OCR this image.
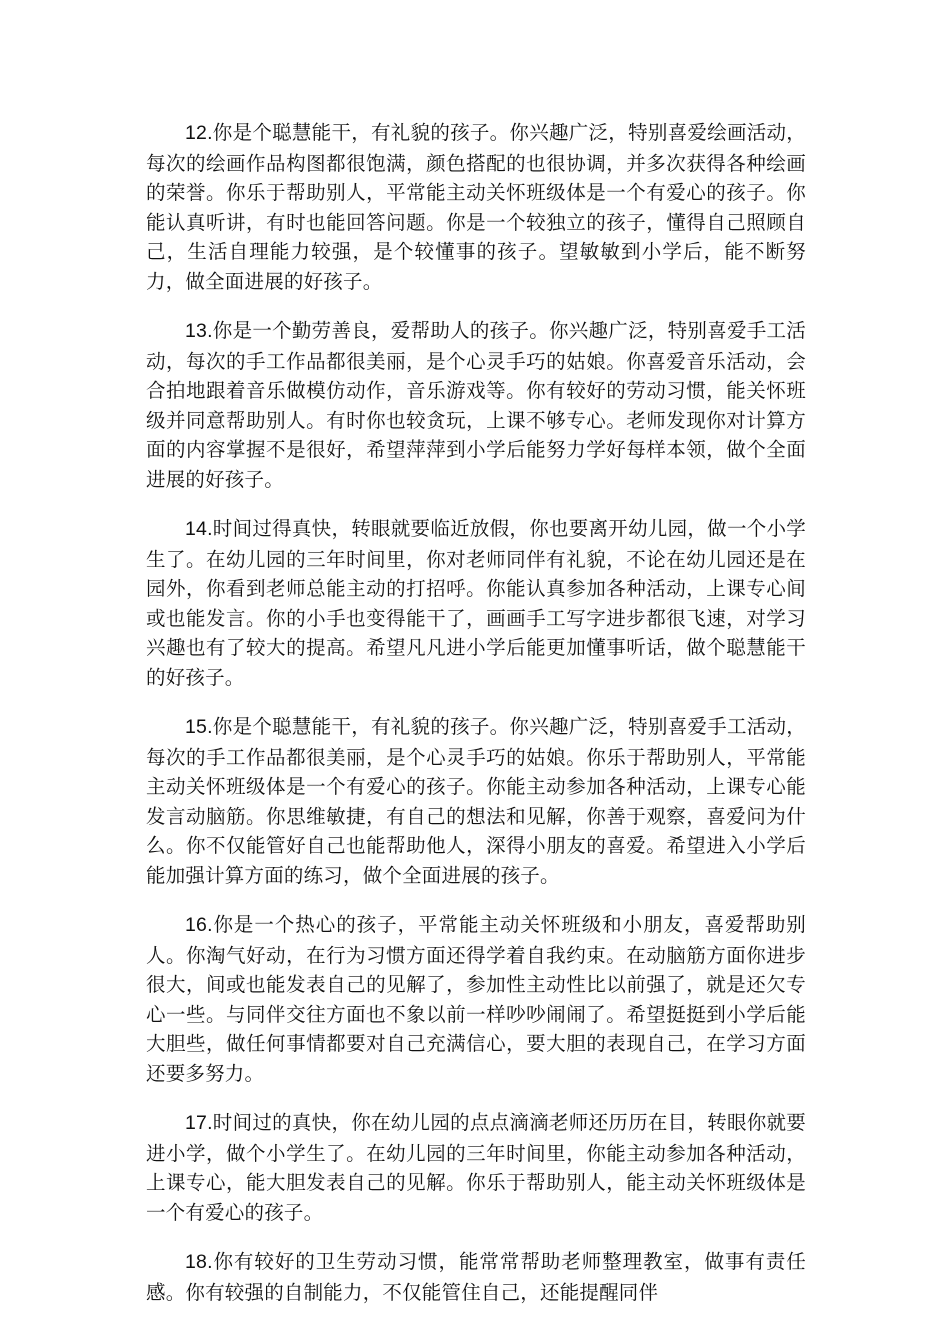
12.你是个聪慧能干，有礼貌的孩子。你兴趣广泛，特别喜爱绘画活动，每次的绘画作品构图都很饱满，颜色搭配的也很协调，并多次获得各种绘画的荣誉。你乐于帮助别人，平常能主动关怀班级体是一个有爱心的孩子。你能认真听讲，有时也能回答问题。你是一个较独立的孩子，懂得自己照顾自己，生活自理能力较强，是个较懂事的孩子。望敏敏到小学后，能不断努力，做全面进展的好孩子。

13.你是一个勤劳善良，爱帮助人的孩子。你兴趣广泛，特别喜爱手工活动，每次的手工作品都很美丽，是个心灵手巧的姑娘。你喜爱音乐活动，会合拍地跟着音乐做模仿动作，音乐游戏等。你有较好的劳动习惯，能关怀班级并同意帮助别人。有时你也较贪玩，上课不够专心。老师发现你对计算方面的内容掌握不是很好，希望萍萍到小学后能努力学好每样本领，做个全面进展的好孩子。

14.时间过得真快，转眼就要临近放假，你也要离开幼儿园，做一个小学生了。在幼儿园的三年时间里，你对老师同伴有礼貌，不论在幼儿园还是在园外，你看到老师总能主动的打招呼。你能认真参加各种活动，上课专心间或也能发言。你的小手也变得能干了，画画手工写字进步都很飞速，对学习兴趣也有了较大的提高。希望凡凡进小学后能更加懂事听话，做个聪慧能干的好孩子。

15.你是个聪慧能干，有礼貌的孩子。你兴趣广泛，特别喜爱手工活动，每次的手工作品都很美丽，是个心灵手巧的姑娘。你乐于帮助别人，平常能主动关怀班级体是一个有爱心的孩子。你能主动参加各种活动，上课专心能发言动脑筋。你思维敏捷，有自己的想法和见解，你善于观察，喜爱问为什么。你不仅能管好自己也能帮助他人，深得小朋友的喜爱。希望进入小学后能加强计算方面的练习，做个全面进展的孩子。

16.你是一个热心的孩子，平常能主动关怀班级和小朋友，喜爱帮助别人。你淘气好动，在行为习惯方面还得学着自我约束。在动脑筋方面你进步很大，间或也能发表自己的见解了，参加性主动性比以前强了，就是还欠专心一些。与同伴交往方面也不象以前一样吵吵闹闹了。希望挺挺到小学后能大胆些，做任何事情都要对自己充满信心，要大胆的表现自己，在学习方面还要多努力。

17.时间过的真快，你在幼儿园的点点滴滴老师还历历在目，转眼你就要进小学，做个小学生了。在幼儿园的三年时间里，你能主动参加各种活动，上课专心，能大胆发表自己的见解。你乐于帮助别人，能主动关怀班级体是一个有爱心的孩子。

18.你有较好的卫生劳动习惯，能常常帮助老师整理教室，做事有责任感。你有较强的自制能力，不仅能管住自己，还能提醒同伴
